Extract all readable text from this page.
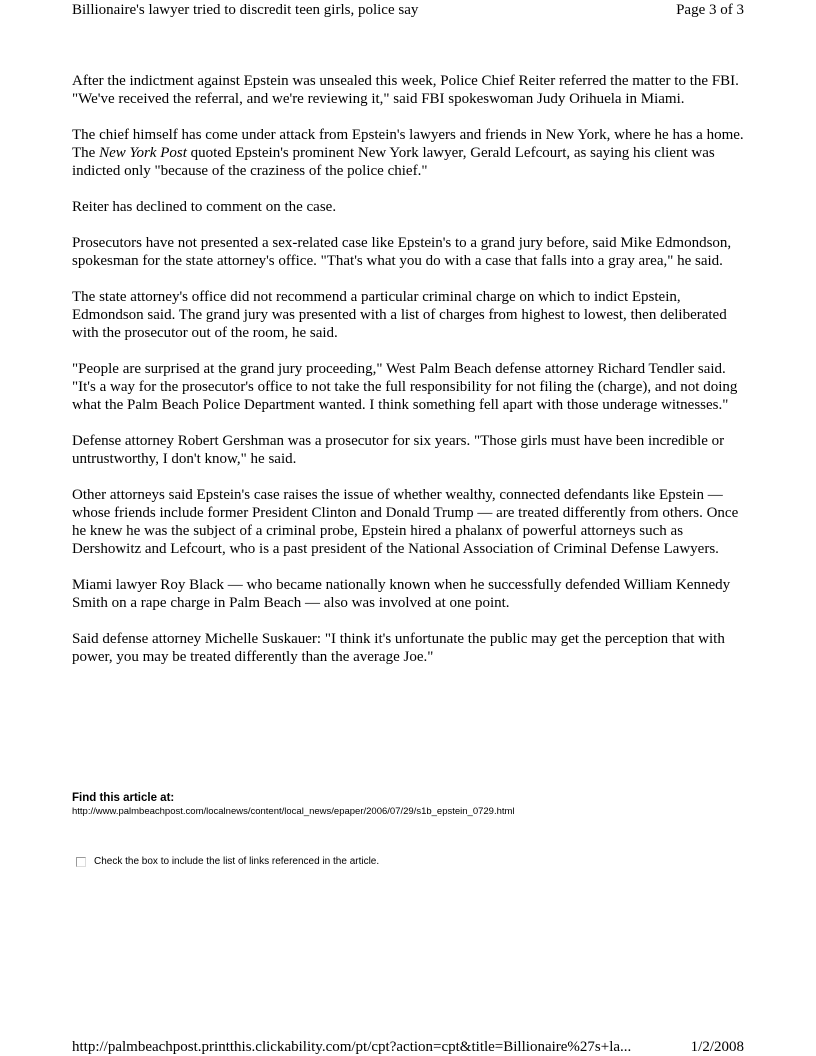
Billionaire's lawyer tried to discredit teen girls, police say	Page 3 of 3

After the indictment against Epstein was unsealed this week, Police Chief Reiter referred the matter to the FBI. "We've received the referral, and we're reviewing it," said FBI spokeswoman Judy Orihuela in Miami.

The chief himself has come under attack from Epstein's lawyers and friends in New York, where he has a home. The New York Post quoted Epstein's prominent New York lawyer, Gerald Lefcourt, as saying his client was indicted only "because of the craziness of the police chief."

Reiter has declined to comment on the case.

Prosecutors have not presented a sex-related case like Epstein's to a grand jury before, said Mike Edmondson, spokesman for the state attorney's office. "That's what you do with a case that falls into a gray area," he said.

The state attorney's office did not recommend a particular criminal charge on which to indict Epstein, Edmondson said. The grand jury was presented with a list of charges from highest to lowest, then deliberated with the prosecutor out of the room, he said.

"People are surprised at the grand jury proceeding," West Palm Beach defense attorney Richard Tendler said. "It's a way for the prosecutor's office to not take the full responsibility for not filing the (charge), and not doing what the Palm Beach Police Department wanted. I think something fell apart with those underage witnesses."

Defense attorney Robert Gershman was a prosecutor for six years. "Those girls must have been incredible or untrustworthy, I don't know," he said.

Other attorneys said Epstein's case raises the issue of whether wealthy, connected defendants like Epstein — whose friends include former President Clinton and Donald Trump — are treated differently from others. Once he knew he was the subject of a criminal probe, Epstein hired a phalanx of powerful attorneys such as Dershowitz and Lefcourt, who is a past president of the National Association of Criminal Defense Lawyers.

Miami lawyer Roy Black — who became nationally known when he successfully defended William Kennedy Smith on a rape charge in Palm Beach — also was involved at one point.

Said defense attorney Michelle Suskauer: "I think it's unfortunate the public may get the perception that with power, you may be treated differently than the average Joe."

Find this article at:
http://www.palmbeachpost.com/localnews/content/local_news/epaper/2006/07/29/s1b_epstein_0729.html
Check the box to include the list of links referenced in the article.
http://palmbeachpost.printthis.clickability.com/pt/cpt?action=cpt&title=Billionaire%27s+la...	1/2/2008
